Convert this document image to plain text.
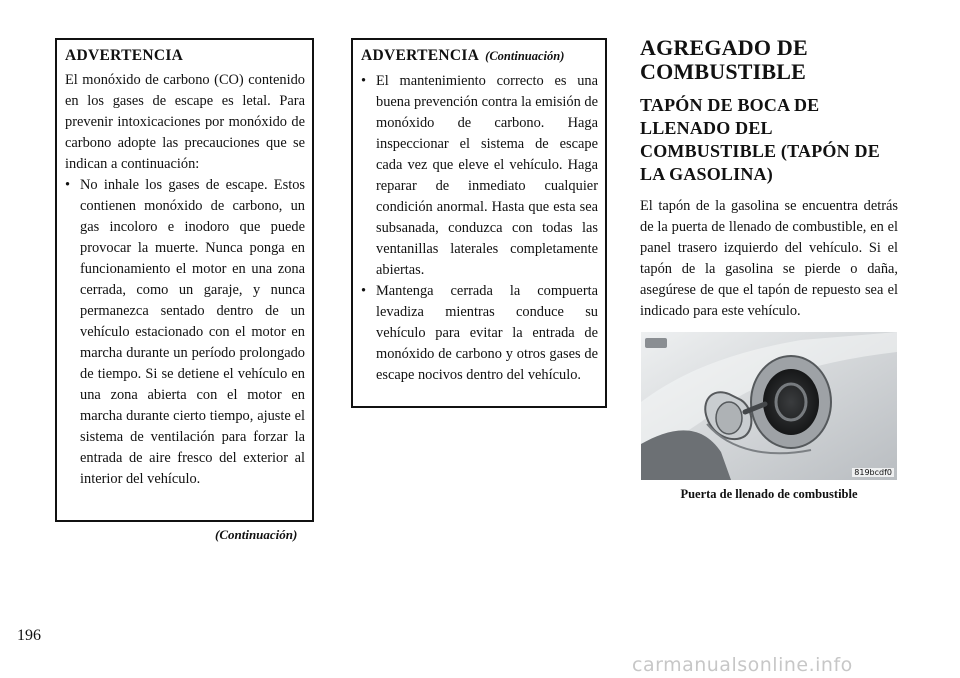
ADVERTENCIA

El monóxido de carbono (CO) contenido en los gases de escape es letal. Para prevenir intoxicaciones por monóxido de carbono adopte las precauciones que se indican a continuación:

• No inhale los gases de escape. Estos contienen monóxido de carbono, un gas incoloro e inodoro que puede provocar la muerte. Nunca ponga en funcionamiento el motor en una zona cerrada, como un garaje, y nunca permanezca sentado dentro de un vehículo estacionado con el motor en marcha durante un período prolongado de tiempo. Si se detiene el vehículo en una zona abierta con el motor en marcha durante cierto tiempo, ajuste el sistema de ventilación para forzar la entrada de aire fresco del exterior al interior del vehículo.
(Continuación)
ADVERTENCIA (Continuación)
• El mantenimiento correcto es una buena prevención contra la emisión de monóxido de carbono. Haga inspeccionar el sistema de escape cada vez que eleve el vehículo. Haga reparar de inmediato cualquier condición anormal. Hasta que esta sea subsanada, conduzca con todas las ventanillas laterales completamente abiertas.
• Mantenga cerrada la compuerta levadiza mientras conduce su vehículo para evitar la entrada de monóxido de carbono y otros gases de escape nocivos dentro del vehículo.
AGREGADO DE COMBUSTIBLE
TAPÓN DE BOCA DE LLENADO DEL COMBUSTIBLE (TAPÓN DE LA GASOLINA)

El tapón de la gasolina se encuentra detrás de la puerta de llenado de combustible, en el panel trasero izquierdo del vehículo. Si el tapón de la gasolina se pierde o daña, asegúrese de que el tapón de repuesto sea el indicado para este vehículo.

819bcdf0
Puerta de llenado de combustible
196
carmanualsonline.info
